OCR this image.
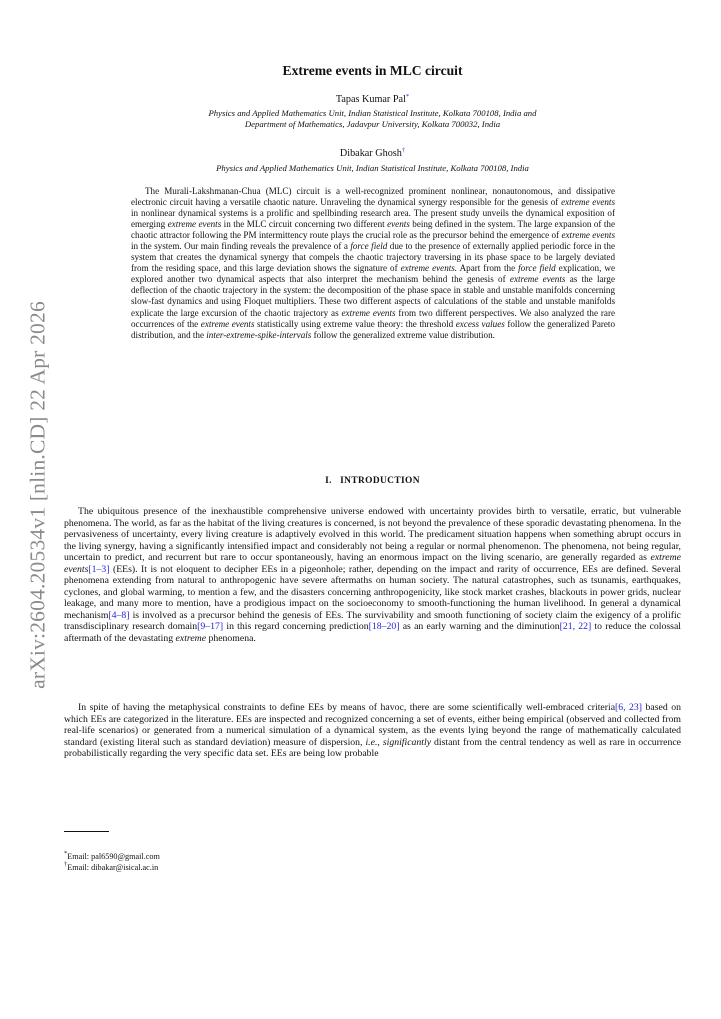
arXiv:2604.20534v1 [nlin.CD] 22 Apr 2026
Extreme events in MLC circuit
Tapas Kumar Pal*
Physics and Applied Mathematics Unit, Indian Statistical Institute, Kolkata 700108, India and
Department of Mathematics, Jadavpur University, Kolkata 700032, India
Dibakar Ghosh†
Physics and Applied Mathematics Unit, Indian Statistical Institute, Kolkata 700108, India

The Murali-Lakshmanan-Chua (MLC) circuit is a well-recognized prominent nonlinear, nonautonomous, and dissipative electronic circuit having a versatile chaotic nature. Unraveling the dynamical synergy responsible for the genesis of extreme events in nonlinear dynamical systems is a prolific and spellbinding research area. The present study unveils the dynamical exposition of emerging extreme events in the MLC circuit concerning two different events being defined in the system. The large expansion of the chaotic attractor following the PM intermittency route plays the crucial role as the precursor behind the emergence of extreme events in the system. Our main finding reveals the prevalence of a force field due to the presence of externally applied periodic force in the system that creates the dynamical synergy that compels the chaotic trajectory traversing in its phase space to be largely deviated from the residing space, and this large deviation shows the signature of extreme events. Apart from the force field explication, we explored another two dynamical aspects that also interpret the mechanism behind the genesis of extreme events as the large deflection of the chaotic trajectory in the system: the decomposition of the phase space in stable and unstable manifolds concerning slow-fast dynamics and using Floquet multipliers. These two different aspects of calculations of the stable and unstable manifolds explicate the large excursion of the chaotic trajectory as extreme events from two different perspectives. We also analyzed the rare occurrences of the extreme events statistically using extreme value theory: the threshold excess values follow the generalized Pareto distribution, and the inter-extreme-spike-intervals follow the generalized extreme value distribution.

I. INTRODUCTION

The ubiquitous presence of the inexhaustible comprehensive universe endowed with uncertainty provides birth to versatile, erratic, but vulnerable phenomena. The world, as far as the habitat of the living creatures is concerned, is not beyond the prevalence of these sporadic devastating phenomena. In the pervasiveness of uncertainty, every living creature is adaptively evolved in this world. The predicament situation happens when something abrupt occurs in the living synergy, having a significantly intensified impact and considerably not being a regular or normal phenomenon. The phenomena, not being regular, uncertain to predict, and recurrent but rare to occur spontaneously, having an enormous impact on the living scenario, are generally regarded as extreme events[1–3] (EEs). It is not eloquent to decipher EEs in a pigeonhole; rather, depending on the impact and rarity of occurrence, EEs are defined. Several phenomena extending from natural to anthropogenic have severe aftermaths on human society. The natural catastrophes, such as tsunamis, earthquakes, cyclones, and global warming, to mention a few, and the disasters concerning anthropogenicity, like stock market crashes, blackouts in power grids, nuclear leakage, and many more to mention, have a prodigious impact on the socioeconomy to smooth-functioning the human livelihood. In general a dynamical mechanism[4–8] is involved as a precursor behind the genesis of EEs. The survivability and smooth functioning of society claim the exigency of a prolific transdisciplinary research domain[9–17] in this regard concerning prediction[18–20] as an early warning and the diminution[21, 22] to reduce the colossal aftermath of the devastating extreme phenomena.

In spite of having the metaphysical constraints to define EEs by means of havoc, there are some scientifically well-embraced criteria[6, 23] based on which EEs are categorized in the literature. EEs are inspected and recognized concerning a set of events, either being empirical (observed and collected from real-life scenarios) or generated from a numerical simulation of a dynamical system, as the events lying beyond the range of mathematically calculated standard (existing literal such as standard deviation) measure of dispersion, i.e., significantly distant from the central tendency as well as rare in occurrence probabilistically regarding the very specific data set. EEs are being low probable

*Email: pal6590@gmail.com
†Email: dibakar@isical.ac.in
